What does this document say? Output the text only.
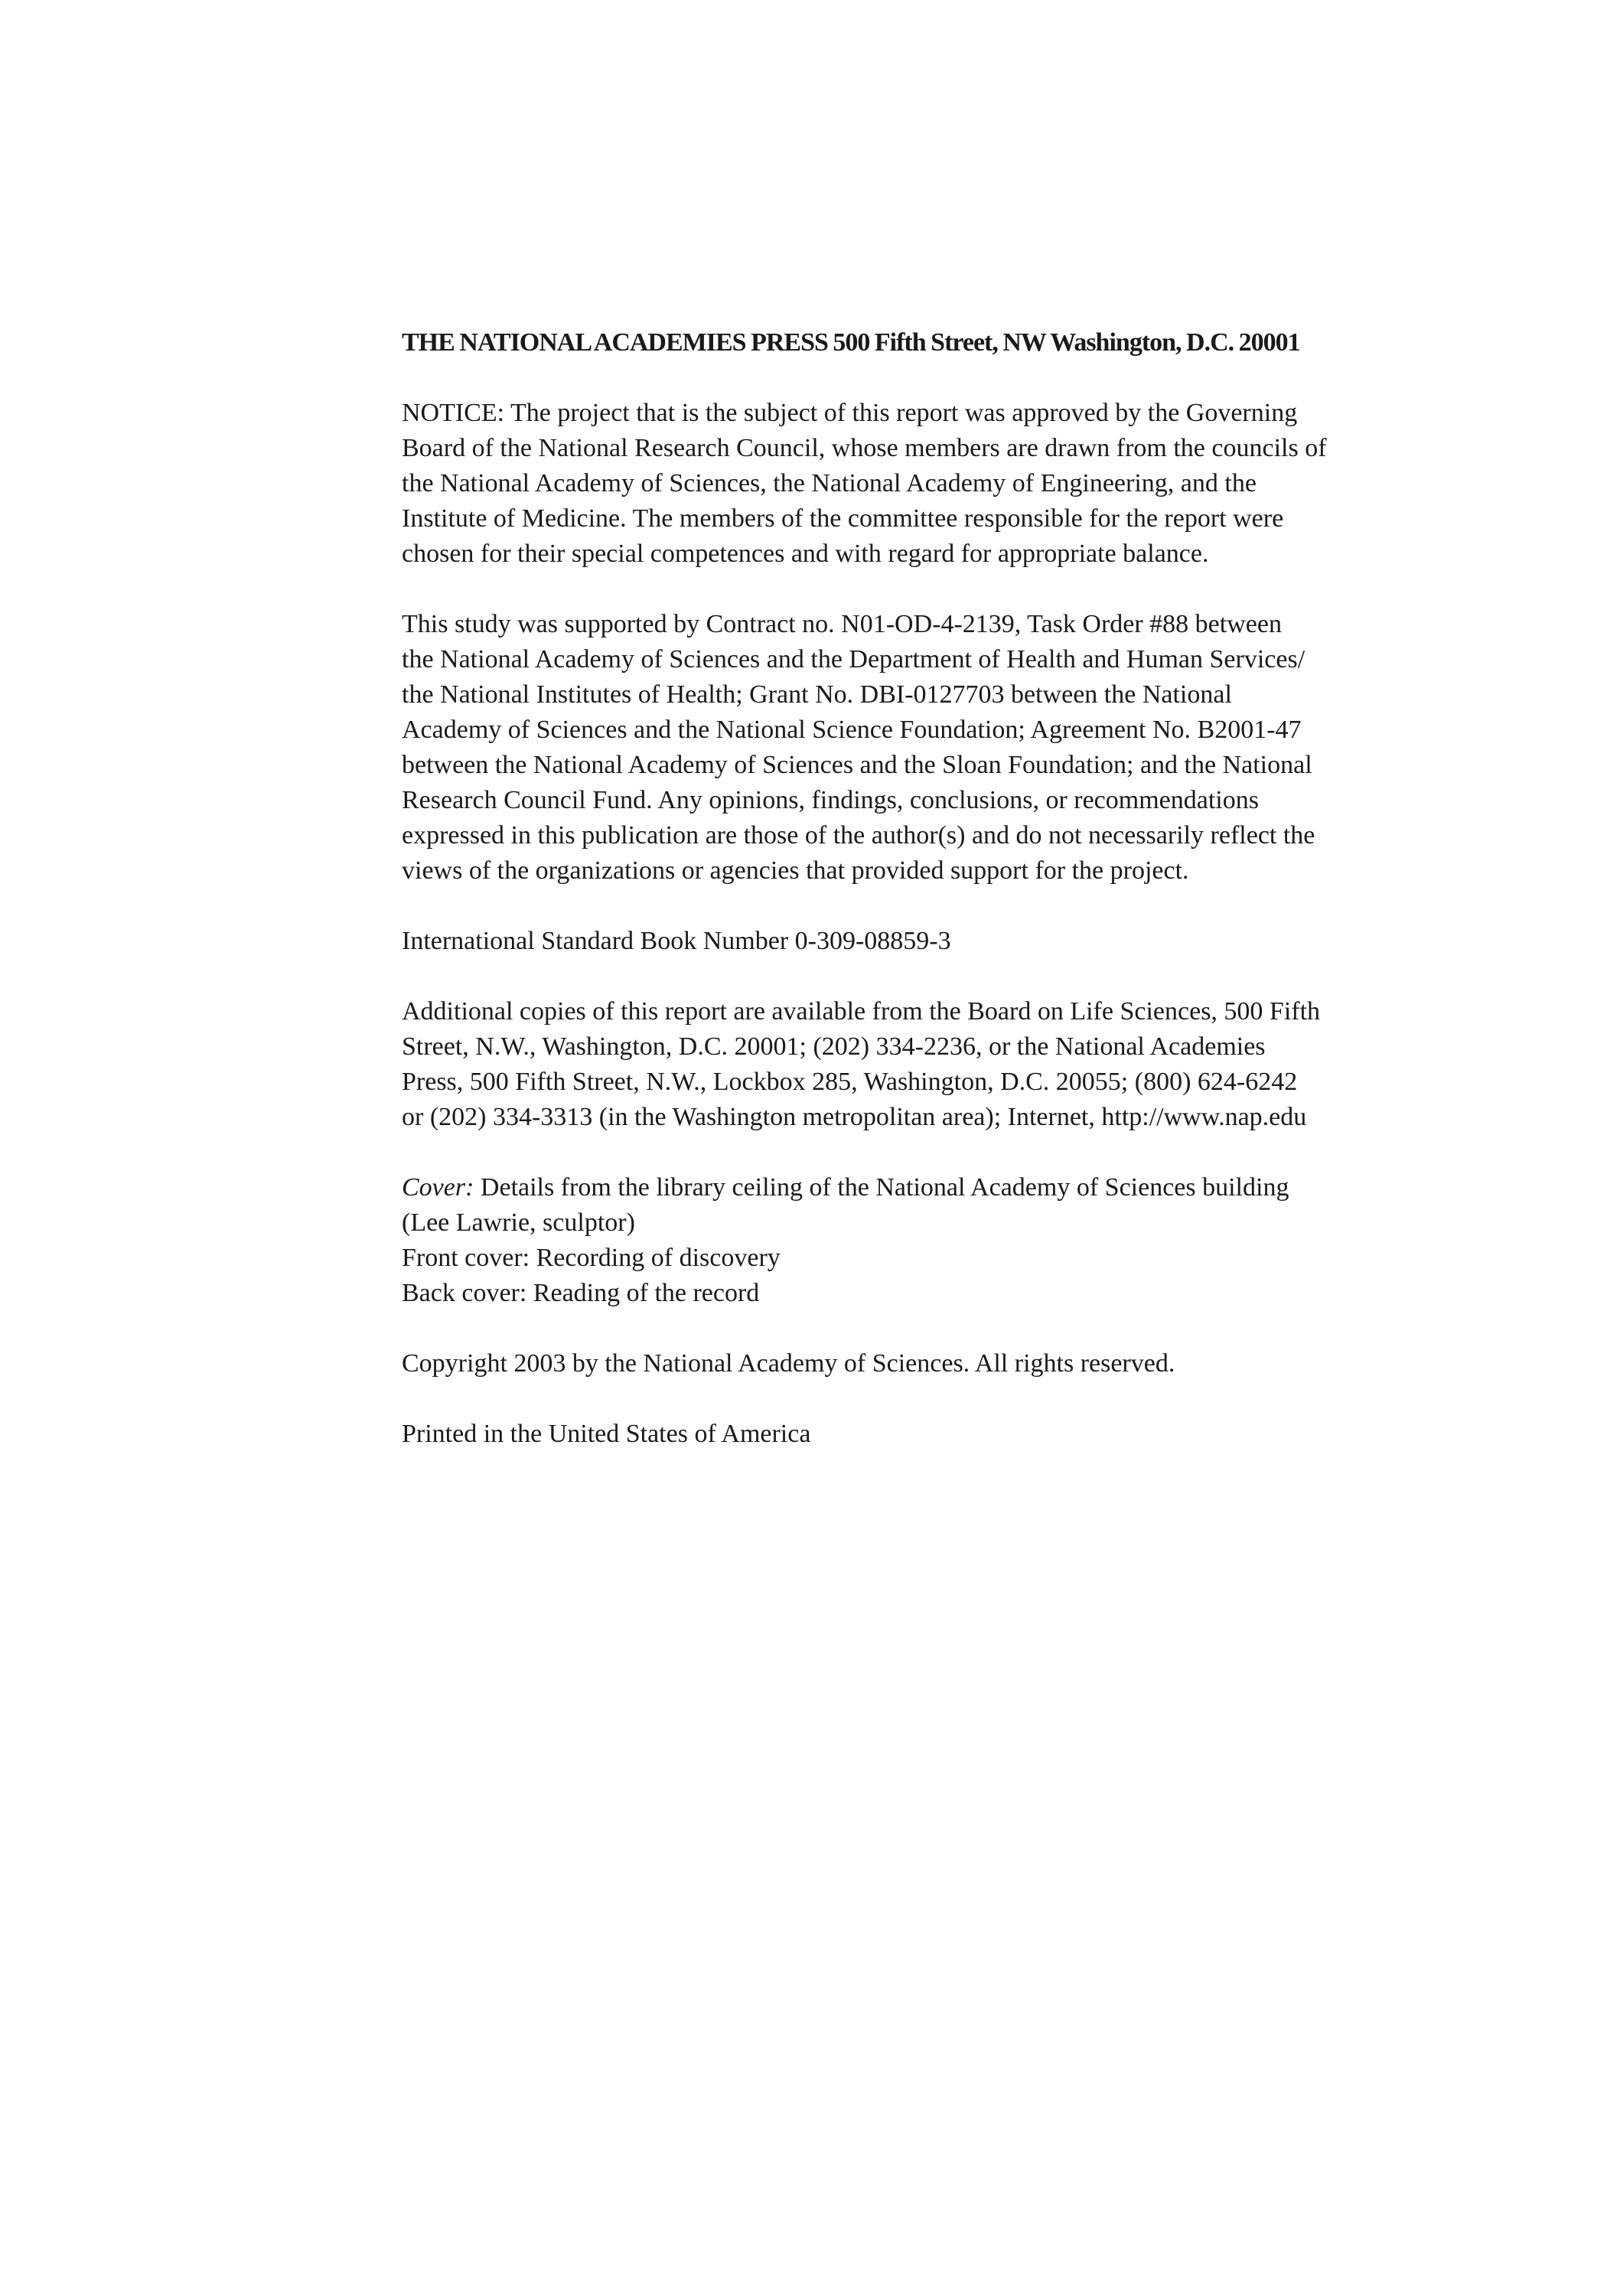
THE NATIONAL ACADEMIES PRESS 500 Fifth Street, NW Washington, D.C. 20001
NOTICE: The project that is the subject of this report was approved by the Governing
Board of the National Research Council, whose members are drawn from the councils of
the National Academy of Sciences, the National Academy of Engineering, and the
Institute of Medicine. The members of the committee responsible for the report were
chosen for their special competences and with regard for appropriate balance.
This study was supported by Contract no. N01-OD-4-2139, Task Order #88 between
the National Academy of Sciences and the Department of Health and Human Services/
the National Institutes of Health; Grant No. DBI-0127703 between the National
Academy of Sciences and the National Science Foundation; Agreement No. B2001-47
between the National Academy of Sciences and the Sloan Foundation; and the National
Research Council Fund. Any opinions, findings, conclusions, or recommendations
expressed in this publication are those of the author(s) and do not necessarily reflect the
views of the organizations or agencies that provided support for the project.
International Standard Book Number 0-309-08859-3
Additional copies of this report are available from the Board on Life Sciences, 500 Fifth
Street, N.W., Washington, D.C. 20001; (202) 334-2236, or the National Academies
Press, 500 Fifth Street, N.W., Lockbox 285, Washington, D.C. 20055; (800) 624-6242
or (202) 334-3313 (in the Washington metropolitan area); Internet, http://www.nap.edu
Cover: Details from the library ceiling of the National Academy of Sciences building
(Lee Lawrie, sculptor)
Front cover: Recording of discovery
Back cover: Reading of the record
Copyright 2003 by the National Academy of Sciences. All rights reserved.
Printed in the United States of America
